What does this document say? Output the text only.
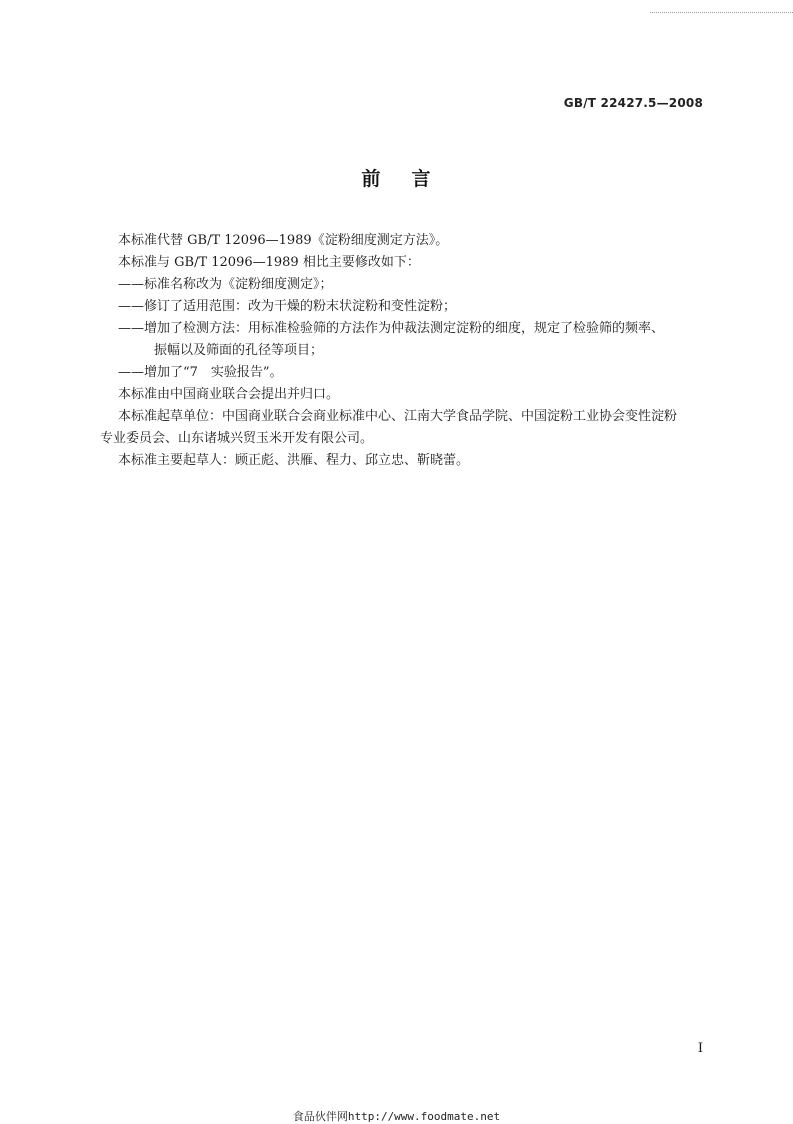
GB/T 22427.5—2008
前 言

本标准代替 GB/T 12096—1989《淀粉细度测定方法》。

本标准与 GB/T 12096—1989 相比主要修改如下：

——标准名称改为《淀粉细度测定》；

——修订了适用范围：改为干燥的粉末状淀粉和变性淀粉；

——增加了检测方法：用标准检验筛的方法作为仲裁法测定淀粉的细度，规定了检验筛的频率、

振幅以及筛面的孔径等项目；

——增加了“7　实验报告”。

本标准由中国商业联合会提出并归口。

本标准起草单位：中国商业联合会商业标准中心、江南大学食品学院、中国淀粉工业协会变性淀粉

专业委员会、山东诸城兴贸玉米开发有限公司。

本标准主要起草人：顾正彪、洪雁、程力、邱立忠、靳晓蕾。

I
食品伙伴网http://www.foodmate.net
